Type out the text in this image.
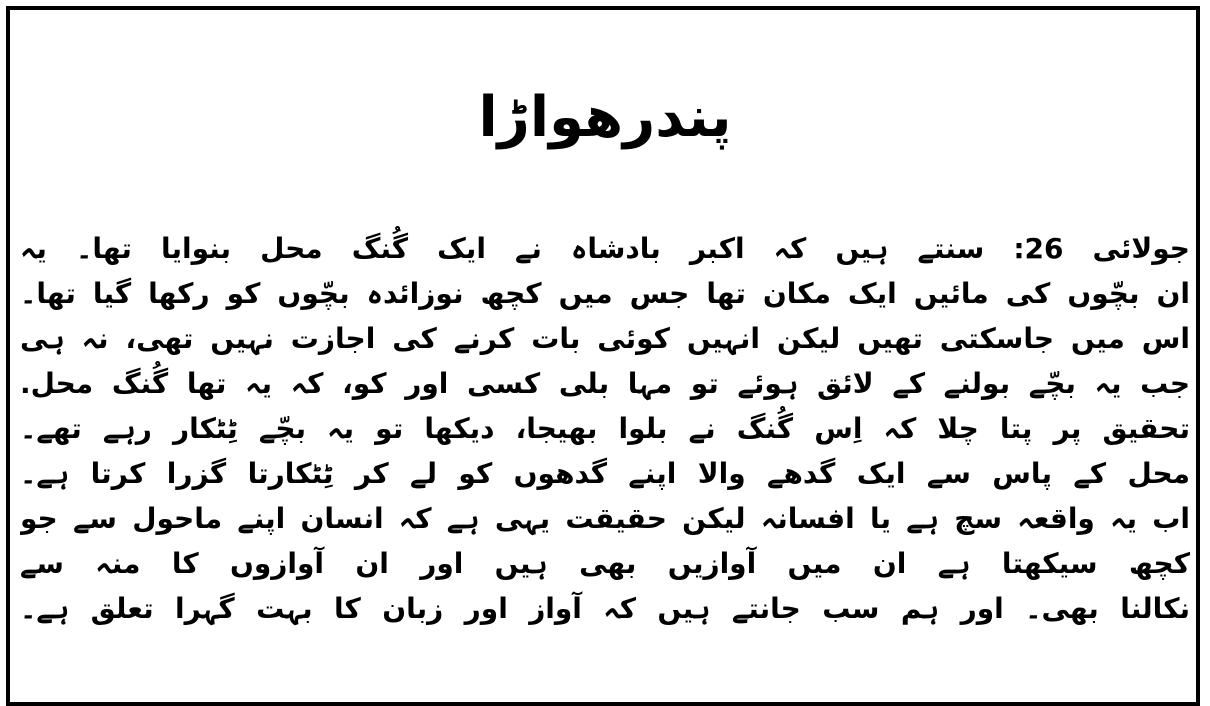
پندرھواڑا
جولائی 26: سنتے ہیں کہ اکبر بادشاہ نے ایک گُنگ محل بنوایا تھا۔ یہ
ان بچّوں کی مائیں ایک مکان تھا جس میں کچھ نوزائدہ بچّوں کو رکھا گیا تھا۔
اس میں جاسکتی تھیں لیکن انہیں کوئی بات کرنے کی اجازت نہیں تھی، نہ ہی
جب یہ بچّے بولنے کے لائق ہوئے تو مہا بلی کسی اور کو، کہ یہ تھا گُنگ محل.
تحقیق پر پتا چلا کہ اِس گُنگ نے بلوا بھیجا، دیکھا تو یہ بچّے ٹِٹکار رہے تھے۔
محل کے پاس سے ایک گدھے والا اپنے گدھوں کو لے کر ٹِٹکارتا گزرا کرتا ہے۔
اب یہ واقعہ سچ ہے یا افسانہ لیکن حقیقت یہی ہے کہ انسان اپنے ماحول سے جو
کچھ سیکھتا ہے ان میں آوازیں بھی ہیں اور ان آوازوں کا منہ سے
نکالنا بھی۔ اور ہم سب جانتے ہیں کہ آواز اور زبان کا بہت گہرا تعلق ہے۔
